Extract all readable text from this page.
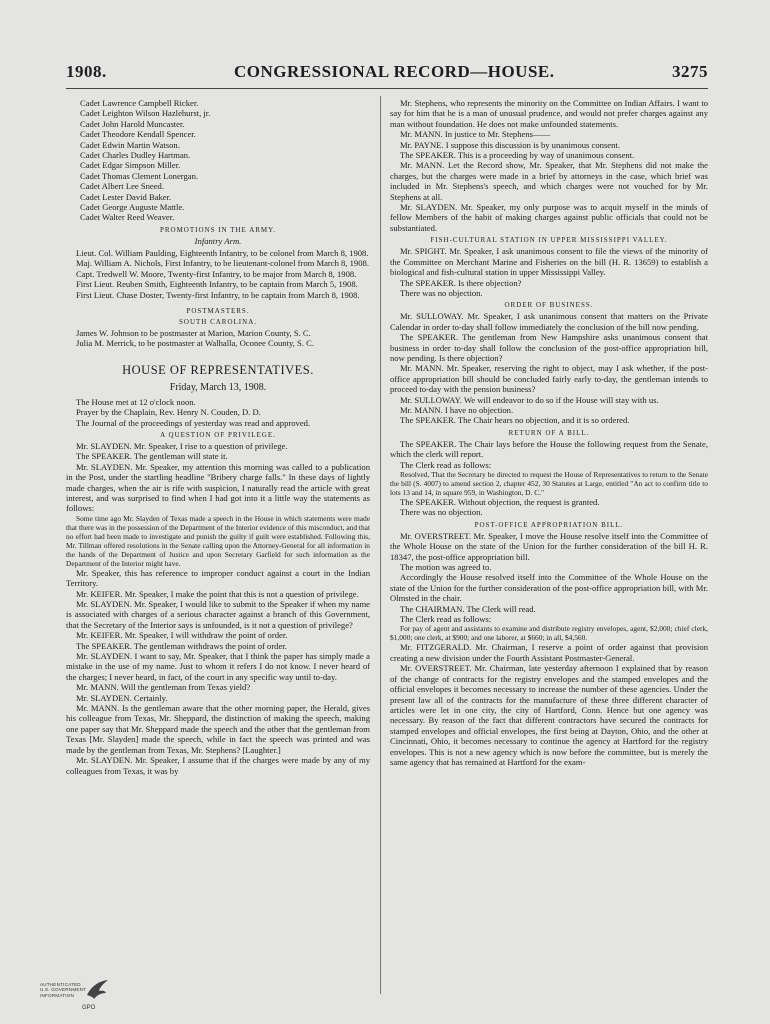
1908.	CONGRESSIONAL RECORD—HOUSE.	3275

Cadet Lawrence Campbell Ricker.

Cadet Leighton Wilson Hazlehurst, jr.

Cadet John Harold Muncaster.

Cadet Theodore Kendall Spencer.

Cadet Edwin Martin Watson.

Cadet Charles Dudley Hartman.

Cadet Edgar Simpson Miller.

Cadet Thomas Clement Lonergan.

Cadet Albert Lee Sneed.

Cadet Lester David Baker.

Cadet George Auguste Mattle.

Cadet Walter Reed Weaver.

PROMOTIONS IN THE ARMY.
Infantry Arm.

Lieut. Col. William Paulding, Eighteenth Infantry, to be colonel from March 8, 1908.

Maj. William A. Nichols, First Infantry, to be lieutenant-colonel from March 8, 1908.

Capt. Tredwell W. Moore, Twenty-first Infantry, to be major from March 8, 1908.

First Lieut. Reuben Smith, Eighteenth Infantry, to be captain from March 5, 1908.

First Lieut. Chase Doster, Twenty-first Infantry, to be captain from March 8, 1908.

POSTMASTERS.
SOUTH CAROLINA.

James W. Johnson to be postmaster at Marion, Marion County, S. C.

Julia M. Merrick, to be postmaster at Walhalla, Oconee County, S. C.

HOUSE OF REPRESENTATIVES.
Friday, March 13, 1908.

The House met at 12 o'clock noon.

Prayer by the Chaplain, Rev. Henry N. Couden, D. D.

The Journal of the proceedings of yesterday was read and approved.

A QUESTION OF PRIVILEGE.

Mr. SLAYDEN. Mr. Speaker, I rise to a question of privilege.

The SPEAKER. The gentleman will state it.

Mr. SLAYDEN. Mr. Speaker, my attention this morning was called to a publication in the Post, under the startling headline "Bribery charge falls." In these days of lightly made charges, when the air is rife with suspicion, I naturally read the article with great interest, and was surprised to find when I had got into it a little way the statements as follows:

Some time ago Mr. Slayden of Texas made a speech in the House in which statements were made that there was in the possession of the Department of the Interior evidence of this misconduct, and that no effort had been made to investigate and punish the guilty if guilt were established. Following this, Mr. Tillman offered resolutions in the Senate calling upon the Attorney-General for all information in the hands of the Department of Justice and upon Secretary Garfield for such information as the Department of the Interior might have.

Mr. Speaker, this has reference to improper conduct against a court in the Indian Territory.

Mr. KEIFER. Mr. Speaker, I make the point that this is not a question of privilege.

Mr. SLAYDEN. Mr. Speaker, I would like to submit to the Speaker if when my name is associated with charges of a serious character against a branch of this Government, that the Secretary of the Interior says is unfounded, is it not a question of privilege?

Mr. KEIFER. Mr. Speaker, I will withdraw the point of order.

The SPEAKER. The gentleman withdraws the point of order.

Mr. SLAYDEN. I want to say, Mr. Speaker, that I think the paper has simply made a mistake in the use of my name. Just to whom it refers I do not know. I never heard of the charges; I never heard, in fact, of the court in any specific way until to-day.

Mr. MANN. Will the gentleman from Texas yield?

Mr. SLAYDEN. Certainly.

Mr. MANN. Is the gentleman aware that the other morning paper, the Herald, gives his colleague from Texas, Mr. Sheppard, the distinction of making the speech, making one paper say that Mr. Sheppard made the speech and the other that the gentleman from Texas [Mr. Slayden] made the speech, while in fact the speech was printed and was made by the gentleman from Texas, Mr. Stephens? [Laughter.]

Mr. SLAYDEN. Mr. Speaker, I assume that if the charges were made by any of my colleagues from Texas, it was by

Mr. Stephens, who represents the minority on the Committee on Indian Affairs. I want to say for him that he is a man of unusual prudence, and would not prefer charges against any man without foundation. He does not make unfounded statements.

Mr. MANN. In justice to Mr. Stephens——

Mr. PAYNE. I suppose this discussion is by unanimous consent.

The SPEAKER. This is a proceeding by way of unanimous consent.

Mr. MANN. Let the Record show, Mr. Speaker, that Mr. Stephens did not make the charges, but the charges were made in a brief by attorneys in the case, which brief was included in Mr. Stephens's speech, and which charges were not vouched for by Mr. Stephens at all.

Mr. SLAYDEN. Mr. Speaker, my only purpose was to acquit myself in the minds of fellow Members of the habit of making charges against public officials that could not be substantiated.

FISH-CULTURAL STATION IN UPPER MISSISSIPPI VALLEY.

Mr. SPIGHT. Mr. Speaker, I ask unanimous consent to file the views of the minority of the Committee on Merchant Marine and Fisheries on the bill (H. R. 13659) to establish a biological and fish-cultural station in upper Mississippi Valley.

The SPEAKER. Is there objection?

There was no objection.

ORDER OF BUSINESS.

Mr. SULLOWAY. Mr. Speaker, I ask unanimous consent that matters on the Private Calendar in order to-day shall follow immediately the conclusion of the bill now pending.

The SPEAKER. The gentleman from New Hampshire asks unanimous consent that business in order to-day shall follow the conclusion of the post-office appropriation bill, now pending. Is there objection?

Mr. MANN. Mr. Speaker, reserving the right to object, may I ask whether, if the post-office appropriation bill should be concluded fairly early to-day, the gentleman intends to proceed to-day with the pension business?

Mr. SULLOWAY. We will endeavor to do so if the House will stay with us.

Mr. MANN. I have no objection.

The SPEAKER. The Chair hears no objection, and it is so ordered.

RETURN OF A BILL.

The SPEAKER. The Chair lays before the House the following request from the Senate, which the clerk will report.

The Clerk read as follows:

Resolved, That the Secretary be directed to request the House of Representatives to return to the Senate the bill (S. 4007) to amend section 2, chapter 452, 30 Statutes at Large, entitled "An act to confirm title to lots 13 and 14, in square 959, in Washington, D. C."

The SPEAKER. Without objection, the request is granted.

There was no objection.

POST-OFFICE APPROPRIATION BILL.

Mr. OVERSTREET. Mr. Speaker, I move the House resolve itself into the Committee of the Whole House on the state of the Union for the further consideration of the bill H. R. 18347, the post-office appropriation bill.

The motion was agreed to.

Accordingly the House resolved itself into the Committee of the Whole House on the state of the Union for the further consideration of the post-office appropriation bill, with Mr. Olmsted in the chair.

The CHAIRMAN. The Clerk will read.

The Clerk read as follows:

For pay of agent and assistants to examine and distribute registry envelopes, agent, $2,000; chief clerk, $1,000; one clerk, at $900; and one laborer, at $660; in all, $4,560.

Mr. FITZGERALD. Mr. Chairman, I reserve a point of order against that provision creating a new division under the Fourth Assistant Postmaster-General.

Mr. OVERSTREET. Mr. Chairman, late yesterday afternoon I explained that by reason of the change of contracts for the registry envelopes and the stamped envelopes and the official envelopes it becomes necessary to increase the number of these agencies. Under the present law all of the contracts for the manufacture of these three different character of articles were let in one city, the city of Hartford, Conn. Hence but one agency was necessary. By reason of the fact that different contractors have secured the contracts for stamped envelopes and official envelopes, the first being at Dayton, Ohio, and the other at Cincinnati, Ohio, it becomes necessary to continue the agency at Hartford for the registry envelopes. This is not a new agency which is now before the committee, but is merely the same agency that has remained at Hartford for the exam-

AUTHENTICATED
U.S. GOVERNMENT
INFORMATION
GPO
